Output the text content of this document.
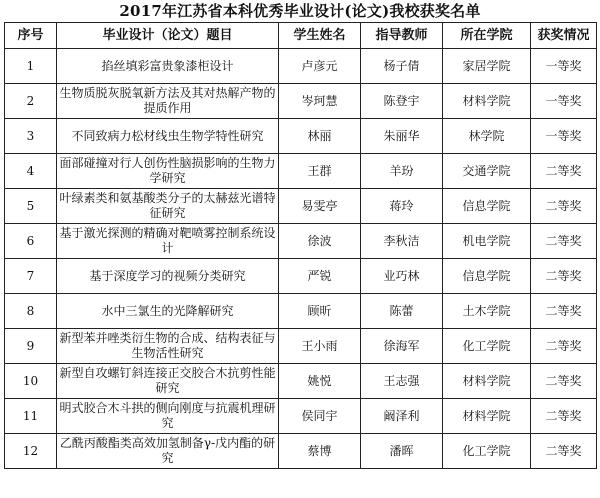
2017年江苏省本科优秀毕业设计(论文)我校获奖名单
序号	毕业设计（论文）题目	学生姓名	指导教师	所在学院	获奖情况
1	掐丝填彩富贵象漆柜设计	卢彦元	杨子倩	家居学院	一等奖
2	生物质脱灰脱氧新方法及其对热解产物的提质作用	岑珂慧	陈登宇	材料学院	一等奖
3	不同致病力松材线虫生物学特性研究	林丽	朱丽华	林学院	一等奖
4	面部碰撞对行人创伤性脑损影响的生物力学研究	王群	羊玢	交通学院	二等奖
5	叶绿素类和氨基酸类分子的太赫兹光谱特征研究	易雯亭	蒋玲	信息学院	二等奖
6	基于激光探测的精确对靶喷雾控制系统设计	徐波	李秋洁	机电学院	二等奖
7	基于深度学习的视频分类研究	严锐	业巧林	信息学院	二等奖
8	水中三氯生的光降解研究	顾昕	陈蕾	土木学院	二等奖
9	新型苯并唑类衍生物的合成、结构表征与生物活性研究	王小雨	徐海军	化工学院	二等奖
10	新型自攻螺钉斜连接正交胶合木抗剪性能研究	姚悦	王志强	材料学院	二等奖
11	明式胶合木斗拱的侧向刚度与抗震机理研究	侯同宇	阚泽利	材料学院	二等奖
12	乙酰丙酸酯类高效加氢制备γ-戊内酯的研究	蔡博	潘晖	化工学院	二等奖
